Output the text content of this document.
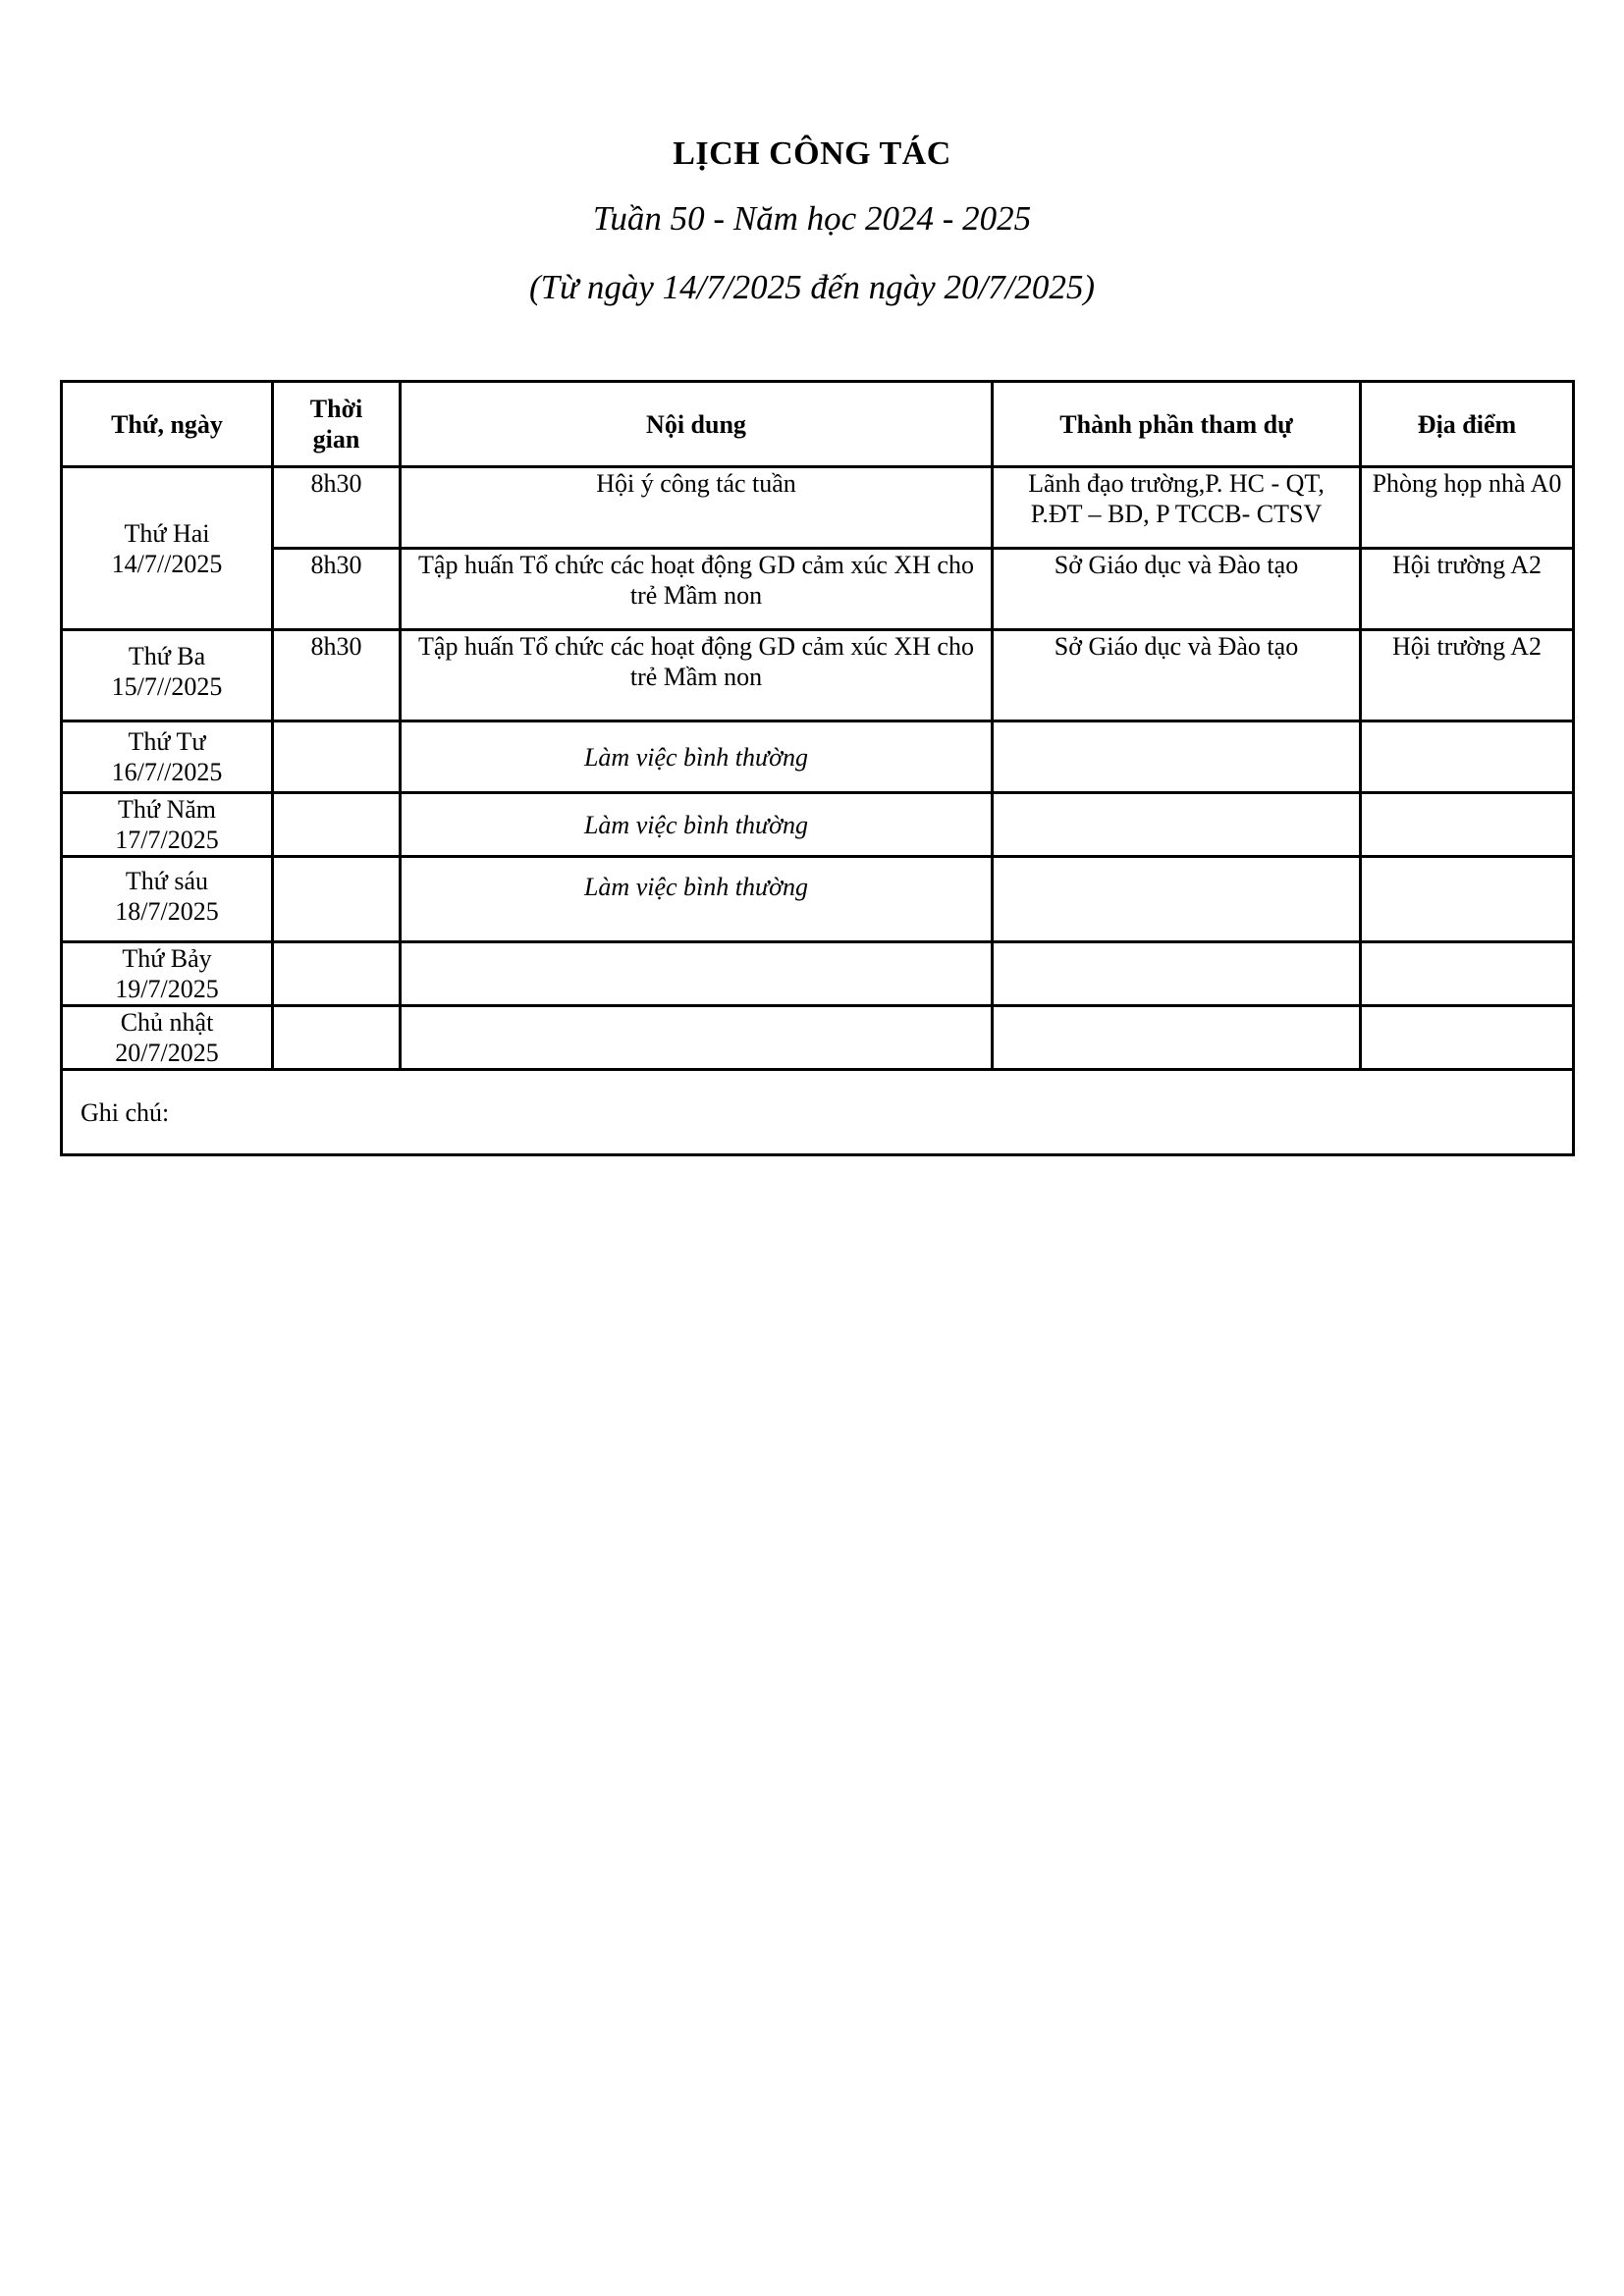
LỊCH CÔNG TÁC
Tuần 50 - Năm học 2024 - 2025
(Từ ngày 14/7/2025 đến ngày 20/7/2025)
Thứ, ngày	Thời
gian	Nội dung	Thành phần tham dự	Địa điểm
Thứ Hai
14/7//2025	8h30	Hội ý công tác tuần	Lãnh đạo trường,P. HC - QT, P.ĐT – BD, P TCCB- CTSV	Phòng họp nhà A0
	8h30	Tập huấn Tổ chức các hoạt động GD cảm xúc XH cho trẻ Mầm non	Sở Giáo dục và Đào tạo	Hội trường A2
Thứ Ba
15/7//2025	8h30	Tập huấn Tổ chức các hoạt động GD cảm xúc XH cho trẻ Mầm non	Sở Giáo dục và Đào tạo	Hội trường A2
Thứ Tư
16/7//2025		Làm việc bình thường		
Thứ Năm
17/7/2025		Làm việc bình thường		
Thứ sáu
18/7/2025		Làm việc bình thường		
Thứ Bảy
19/7/2025				
Chủ nhật
20/7/2025				
Ghi chú:				
